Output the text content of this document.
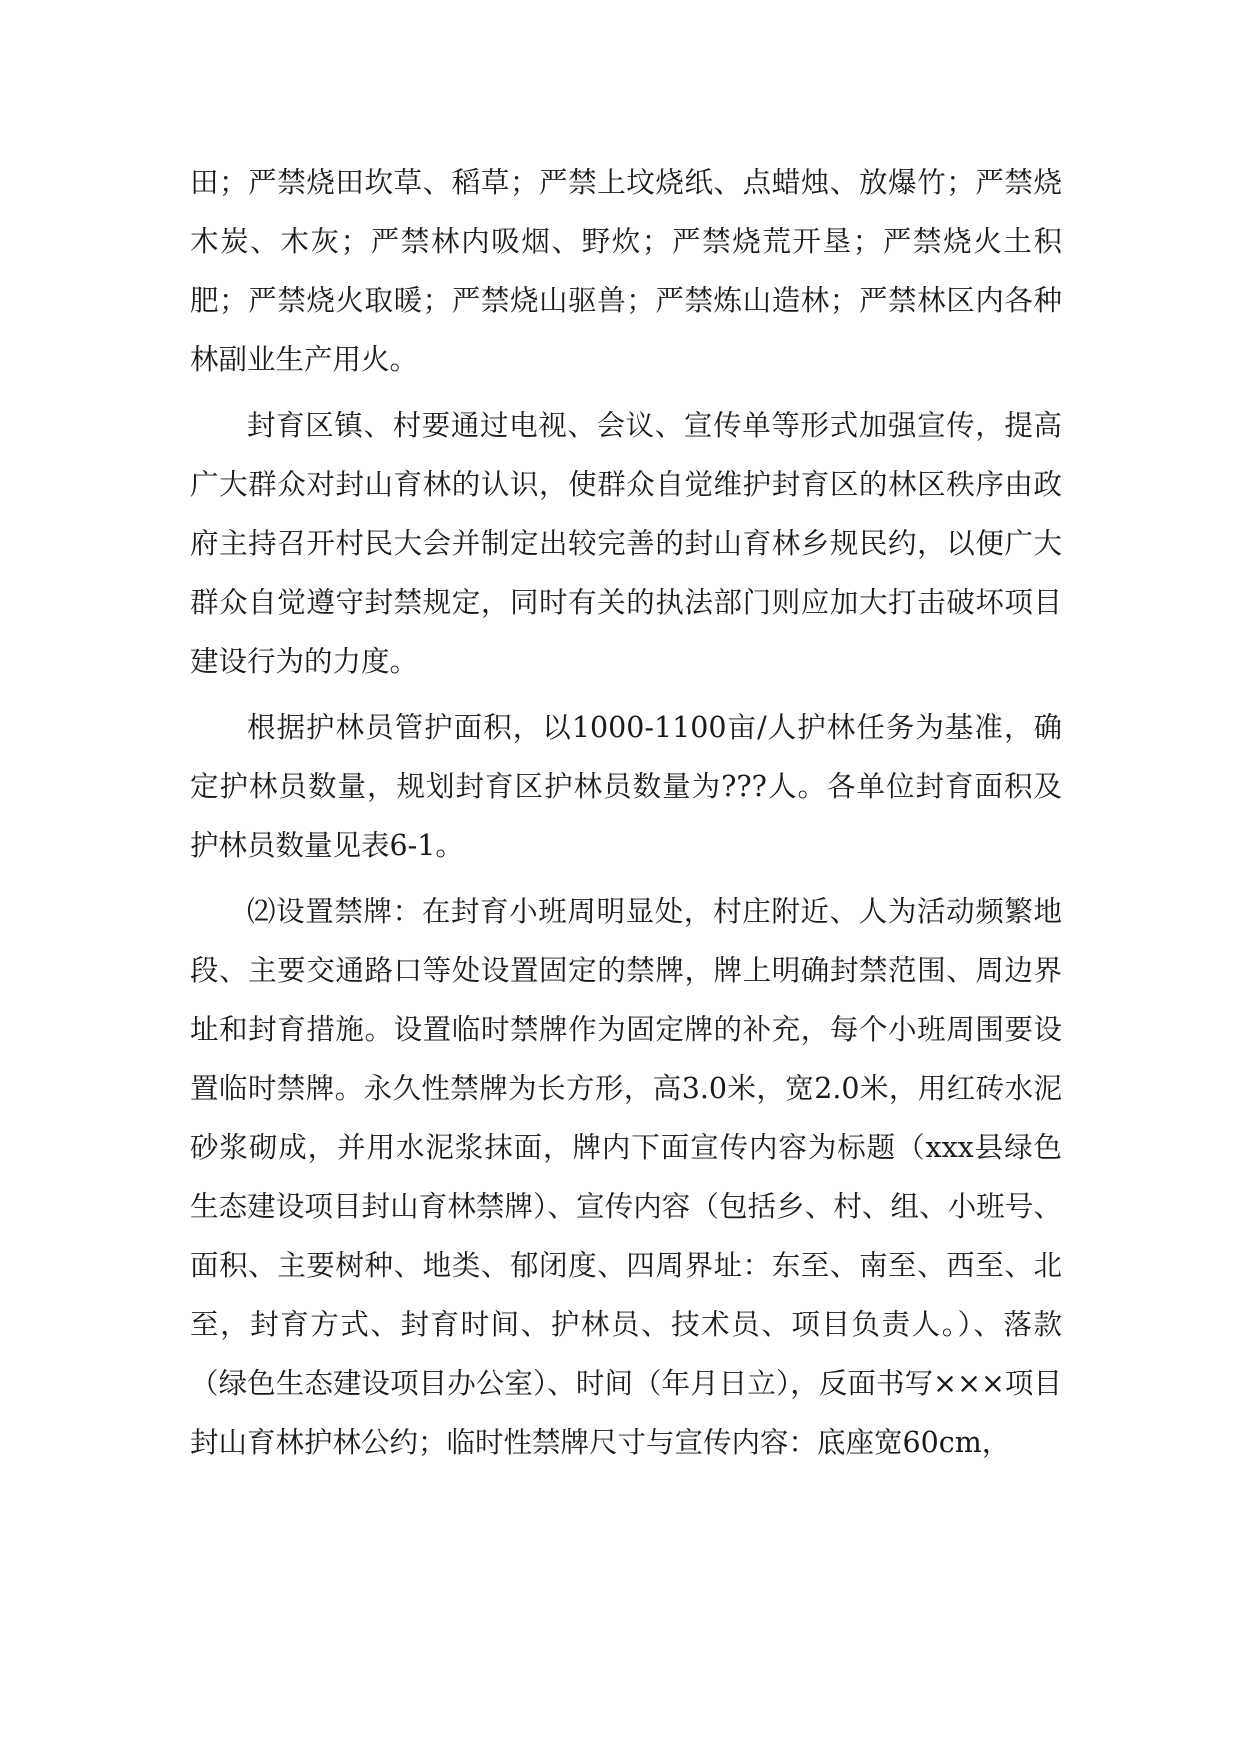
田；严禁烧田坎草、稻草；严禁上坟烧纸、点蜡烛、放爆竹；严禁烧木炭、木灰；严禁林内吸烟、野炊；严禁烧荒开垦；严禁烧火土积肥；严禁烧火取暖；严禁烧山驱兽；严禁炼山造林；严禁林区内各种林副业生产用火。

封育区镇、村要通过电视、会议、宣传单等形式加强宣传，提高广大群众对封山育林的认识，使群众自觉维护封育区的林区秩序由政府主持召开村民大会并制定出较完善的封山育林乡规民约，以便广大群众自觉遵守封禁规定，同时有关的执法部门则应加大打击破坏项目建设行为的力度。

根据护林员管护面积，以1000-1100亩/人护林任务为基准，确定护林员数量，规划封育区护林员数量为???人。各单位封育面积及护林员数量见表6-1。

⑵设置禁牌：在封育小班周明显处，村庄附近、人为活动频繁地段、主要交通路口等处设置固定的禁牌，牌上明确封禁范围、周边界址和封育措施。设置临时禁牌作为固定牌的补充，每个小班周围要设置临时禁牌。永久性禁牌为长方形，高3.0米，宽2.0米，用红砖水泥砂浆砌成，并用水泥浆抹面，牌内下面宣传内容为标题（xxx县绿色生态建设项目封山育林禁牌）、宣传内容（包括乡、村、组、小班号、面积、主要树种、地类、郁闭度、四周界址：东至、南至、西至、北至，封育方式、封育时间、护林员、技术员、项目负责人。）、落款（绿色生态建设项目办公室）、时间（年月日立），反面书写×××项目封山育林护林公约；临时性禁牌尺寸与宣传内容：底座宽60cm，
